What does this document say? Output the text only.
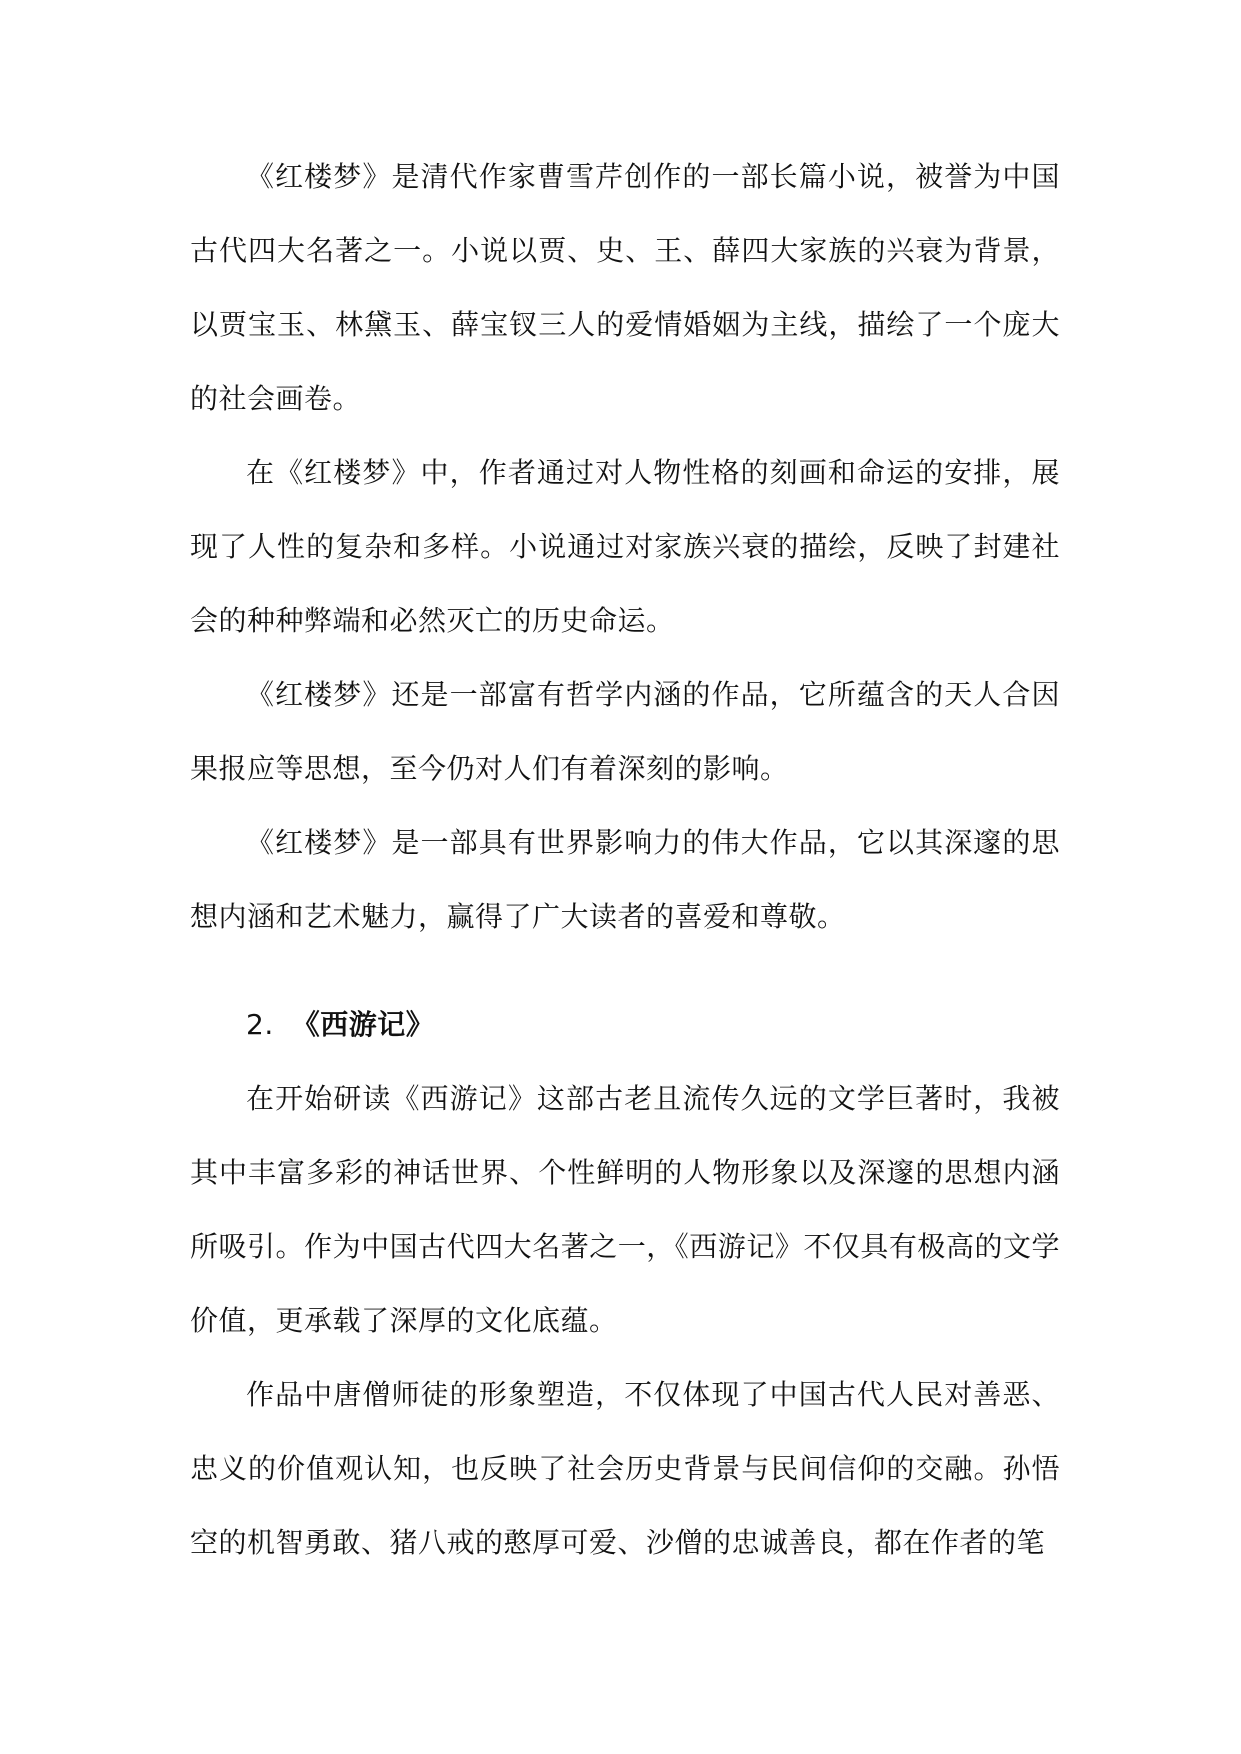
《红楼梦》是清代作家曹雪芹创作的一部长篇小说，被誉为中国古代四大名著之一。小说以贾、史、王、薛四大家族的兴衰为背景，以贾宝玉、林黛玉、薛宝钗三人的爱情婚姻为主线，描绘了一个庞大的社会画卷。

在《红楼梦》中，作者通过对人物性格的刻画和命运的安排，展现了人性的复杂和多样。小说通过对家族兴衰的描绘，反映了封建社会的种种弊端和必然灭亡的历史命运。

《红楼梦》还是一部富有哲学内涵的作品，它所蕴含的天人合因果报应等思想，至今仍对人们有着深刻的影响。

《红楼梦》是一部具有世界影响力的伟大作品，它以其深邃的思想内涵和艺术魅力，赢得了广大读者的喜爱和尊敬。

2. 《西游记》

在开始研读《西游记》这部古老且流传久远的文学巨著时，我被其中丰富多彩的神话世界、个性鲜明的人物形象以及深邃的思想内涵所吸引。作为中国古代四大名著之一，《西游记》不仅具有极高的文学价值，更承载了深厚的文化底蕴。

作品中唐僧师徒的形象塑造，不仅体现了中国古代人民对善恶、忠义的价值观认知，也反映了社会历史背景与民间信仰的交融。孙悟空的机智勇敢、猪八戒的憨厚可爱、沙僧的忠诚善良，都在作者的笔
